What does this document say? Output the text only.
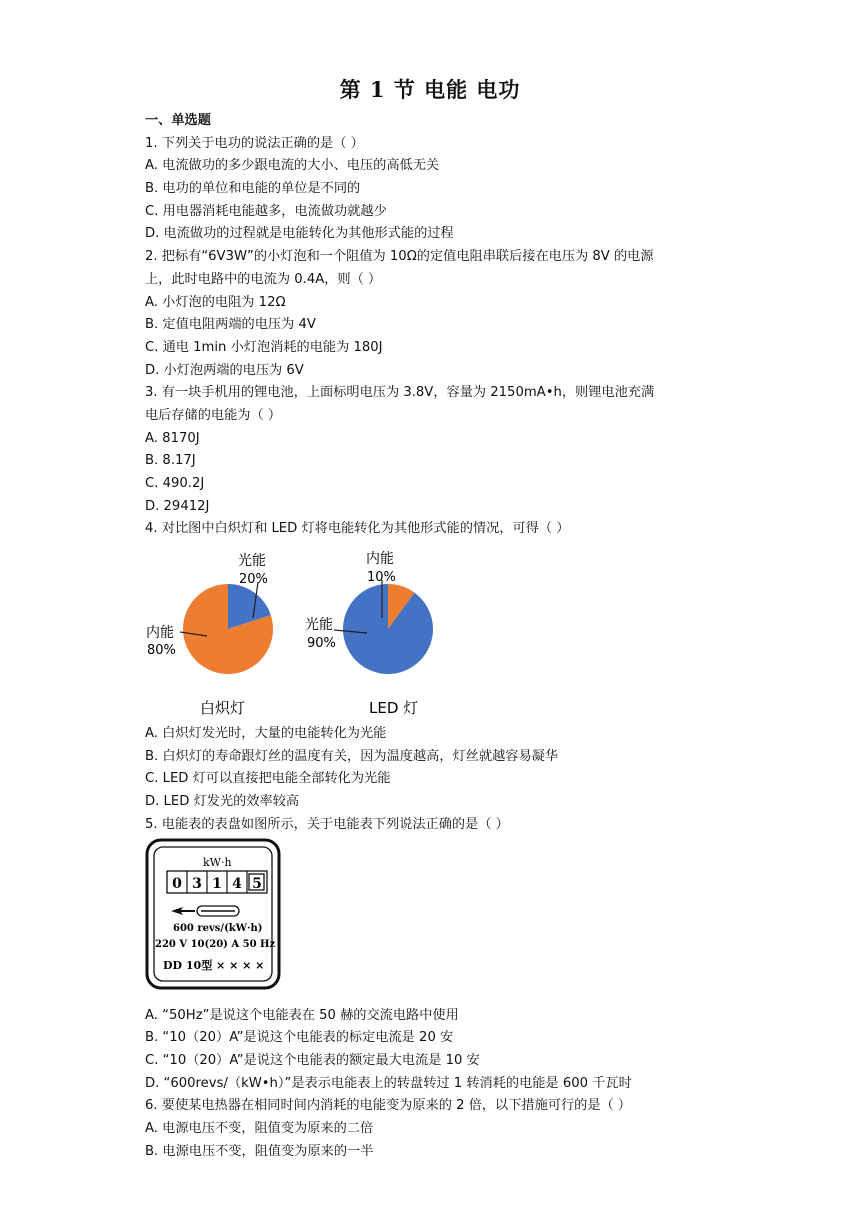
第 1 节 电能 电功
一、单选题
1. 下列关于电功的说法正确的是（ ）
A. 电流做功的多少跟电流的大小、电压的高低无关
B. 电功的单位和电能的单位是不同的
C. 用电器消耗电能越多，电流做功就越少
D. 电流做功的过程就是电能转化为其他形式能的过程
2. 把标有“6V3W”的小灯泡和一个阻值为 10Ω的定值电阻串联后接在电压为 8V 的电源
上，此时电路中的电流为 0.4A，则（ ）
A. 小灯泡的电阻为 12Ω
B. 定值电阻两端的电压为 4V
C. 通电 1min 小灯泡消耗的电能为 180J
D. 小灯泡两端的电压为 6V
3. 有一块手机用的锂电池，上面标明电压为 3.8V，容量为 2150mA•h，则锂电池充满
电后存储的电能为（ ）
A. 8170J
B. 8.17J
C. 490.2J
D. 29412J
4. 对比图中白炽灯和 LED 灯将电能转化为其他形式能的情况，可得（ ）
光能
20%
内能
80%
白炽灯
内能
10%
光能
90%
LED 灯
A. 白炽灯发光时，大量的电能转化为光能
B. 白炽灯的寿命跟灯丝的温度有关，因为温度越高，灯丝就越容易凝华
C. LED 灯可以直接把电能全部转化为光能
D. LED 灯发光的效率较高
5. 电能表的表盘如图所示，关于电能表下列说法正确的是（ ）
kW·h
0 3 1 4 5
600 revs/(kW·h)
220 V 10(20) A 50 Hz
DD 10型 × × × ×
A. “50Hz”是说这个电能表在 50 赫的交流电路中使用
B. “10（20）A”是说这个电能表的标定电流是 20 安
C. “10（20）A”是说这个电能表的额定最大电流是 10 安
D. “600revs/（kW•h）”是表示电能表上的转盘转过 1 转消耗的电能是 600 千瓦时
6. 要使某电热器在相同时间内消耗的电能变为原来的 2 倍，以下措施可行的是（ ）
A. 电源电压不变，阻值变为原来的二倍
B. 电源电压不变，阻值变为原来的一半
